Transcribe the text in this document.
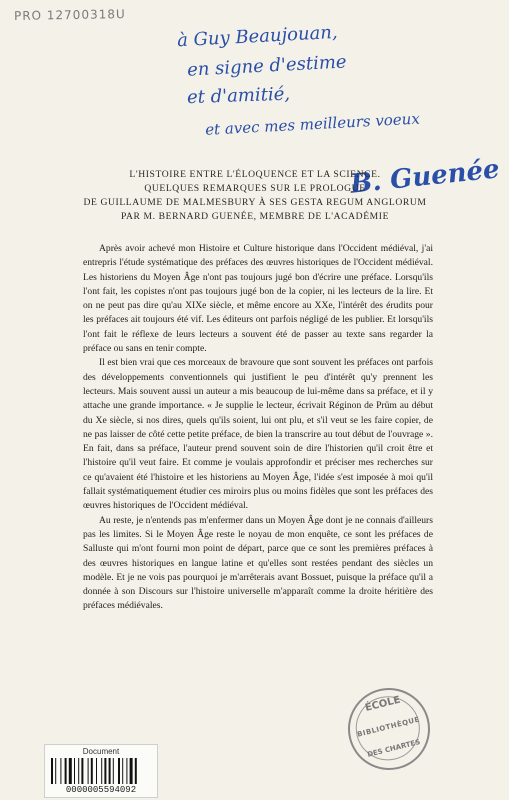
PRO 12700318U
à Guy Beaujouan,
en signe d'estime
et d'amitié,
et avec mes meilleurs voeux
B. Guenée
L'HISTOIRE ENTRE L'ÉLOQUENCE ET LA SCIENCE.
QUELQUES REMARQUES SUR LE PROLOGUE
DE GUILLAUME DE MALMESBURY À SES GESTA REGUM ANGLORUM
PAR M. BERNARD GUENÉE, MEMBRE DE L'ACADÉMIE

Après avoir achevé mon Histoire et Culture historique dans l'Occident médiéval, j'ai entrepris l'étude systématique des préfaces des œuvres historiques de l'Occident médiéval. Les historiens du Moyen Âge n'ont pas toujours jugé bon d'écrire une préface. Lorsqu'ils l'ont fait, les copistes n'ont pas toujours jugé bon de la copier, ni les lecteurs de la lire. Et on ne peut pas dire qu'au XIXe siècle, et même encore au XXe, l'intérêt des érudits pour les préfaces ait toujours été vif. Les éditeurs ont parfois négligé de les publier. Et lorsqu'ils l'ont fait le réflexe de leurs lecteurs a souvent été de passer au texte sans regarder la préface ou sans en tenir compte.

Il est bien vrai que ces morceaux de bravoure que sont souvent les préfaces ont parfois des développements conventionnels qui justifient le peu d'intérêt qu'y prennent les lecteurs. Mais souvent aussi un auteur a mis beaucoup de lui-même dans sa préface, et il y attache une grande importance. « Je supplie le lecteur, écrivait Réginon de Prüm au début du Xe siècle, si nos dires, quels qu'ils soient, lui ont plu, et s'il veut se les faire copier, de ne pas laisser de côté cette petite préface, de bien la transcrire au tout début de l'ouvrage ». En fait, dans sa préface, l'auteur prend souvent soin de dire l'historien qu'il croit être et l'histoire qu'il veut faire. Et comme je voulais approfondir et préciser mes recherches sur ce qu'avaient été l'histoire et les historiens au Moyen Âge, l'idée s'est imposée à moi qu'il fallait systématiquement étudier ces miroirs plus ou moins fidèles que sont les préfaces des œuvres historiques de l'Occident médiéval.

Au reste, je n'entends pas m'enfermer dans un Moyen Âge dont je ne connais d'ailleurs pas les limites. Si le Moyen Âge reste le noyau de mon enquête, ce sont les préfaces de Salluste qui m'ont fourni mon point de départ, parce que ce sont les premières préfaces à des œuvres historiques en langue latine et qu'elles sont restées pendant des siècles un modèle. Et je ne vois pas pourquoi je m'arrêterais avant Bossuet, puisque la préface qu'il a donnée à son Discours sur l'histoire universelle m'apparaît comme la droite héritière des préfaces médiévales.

ÉCOLE
BIBLIOTHÈQUE
DES CHARTES
Document
0000005594092
